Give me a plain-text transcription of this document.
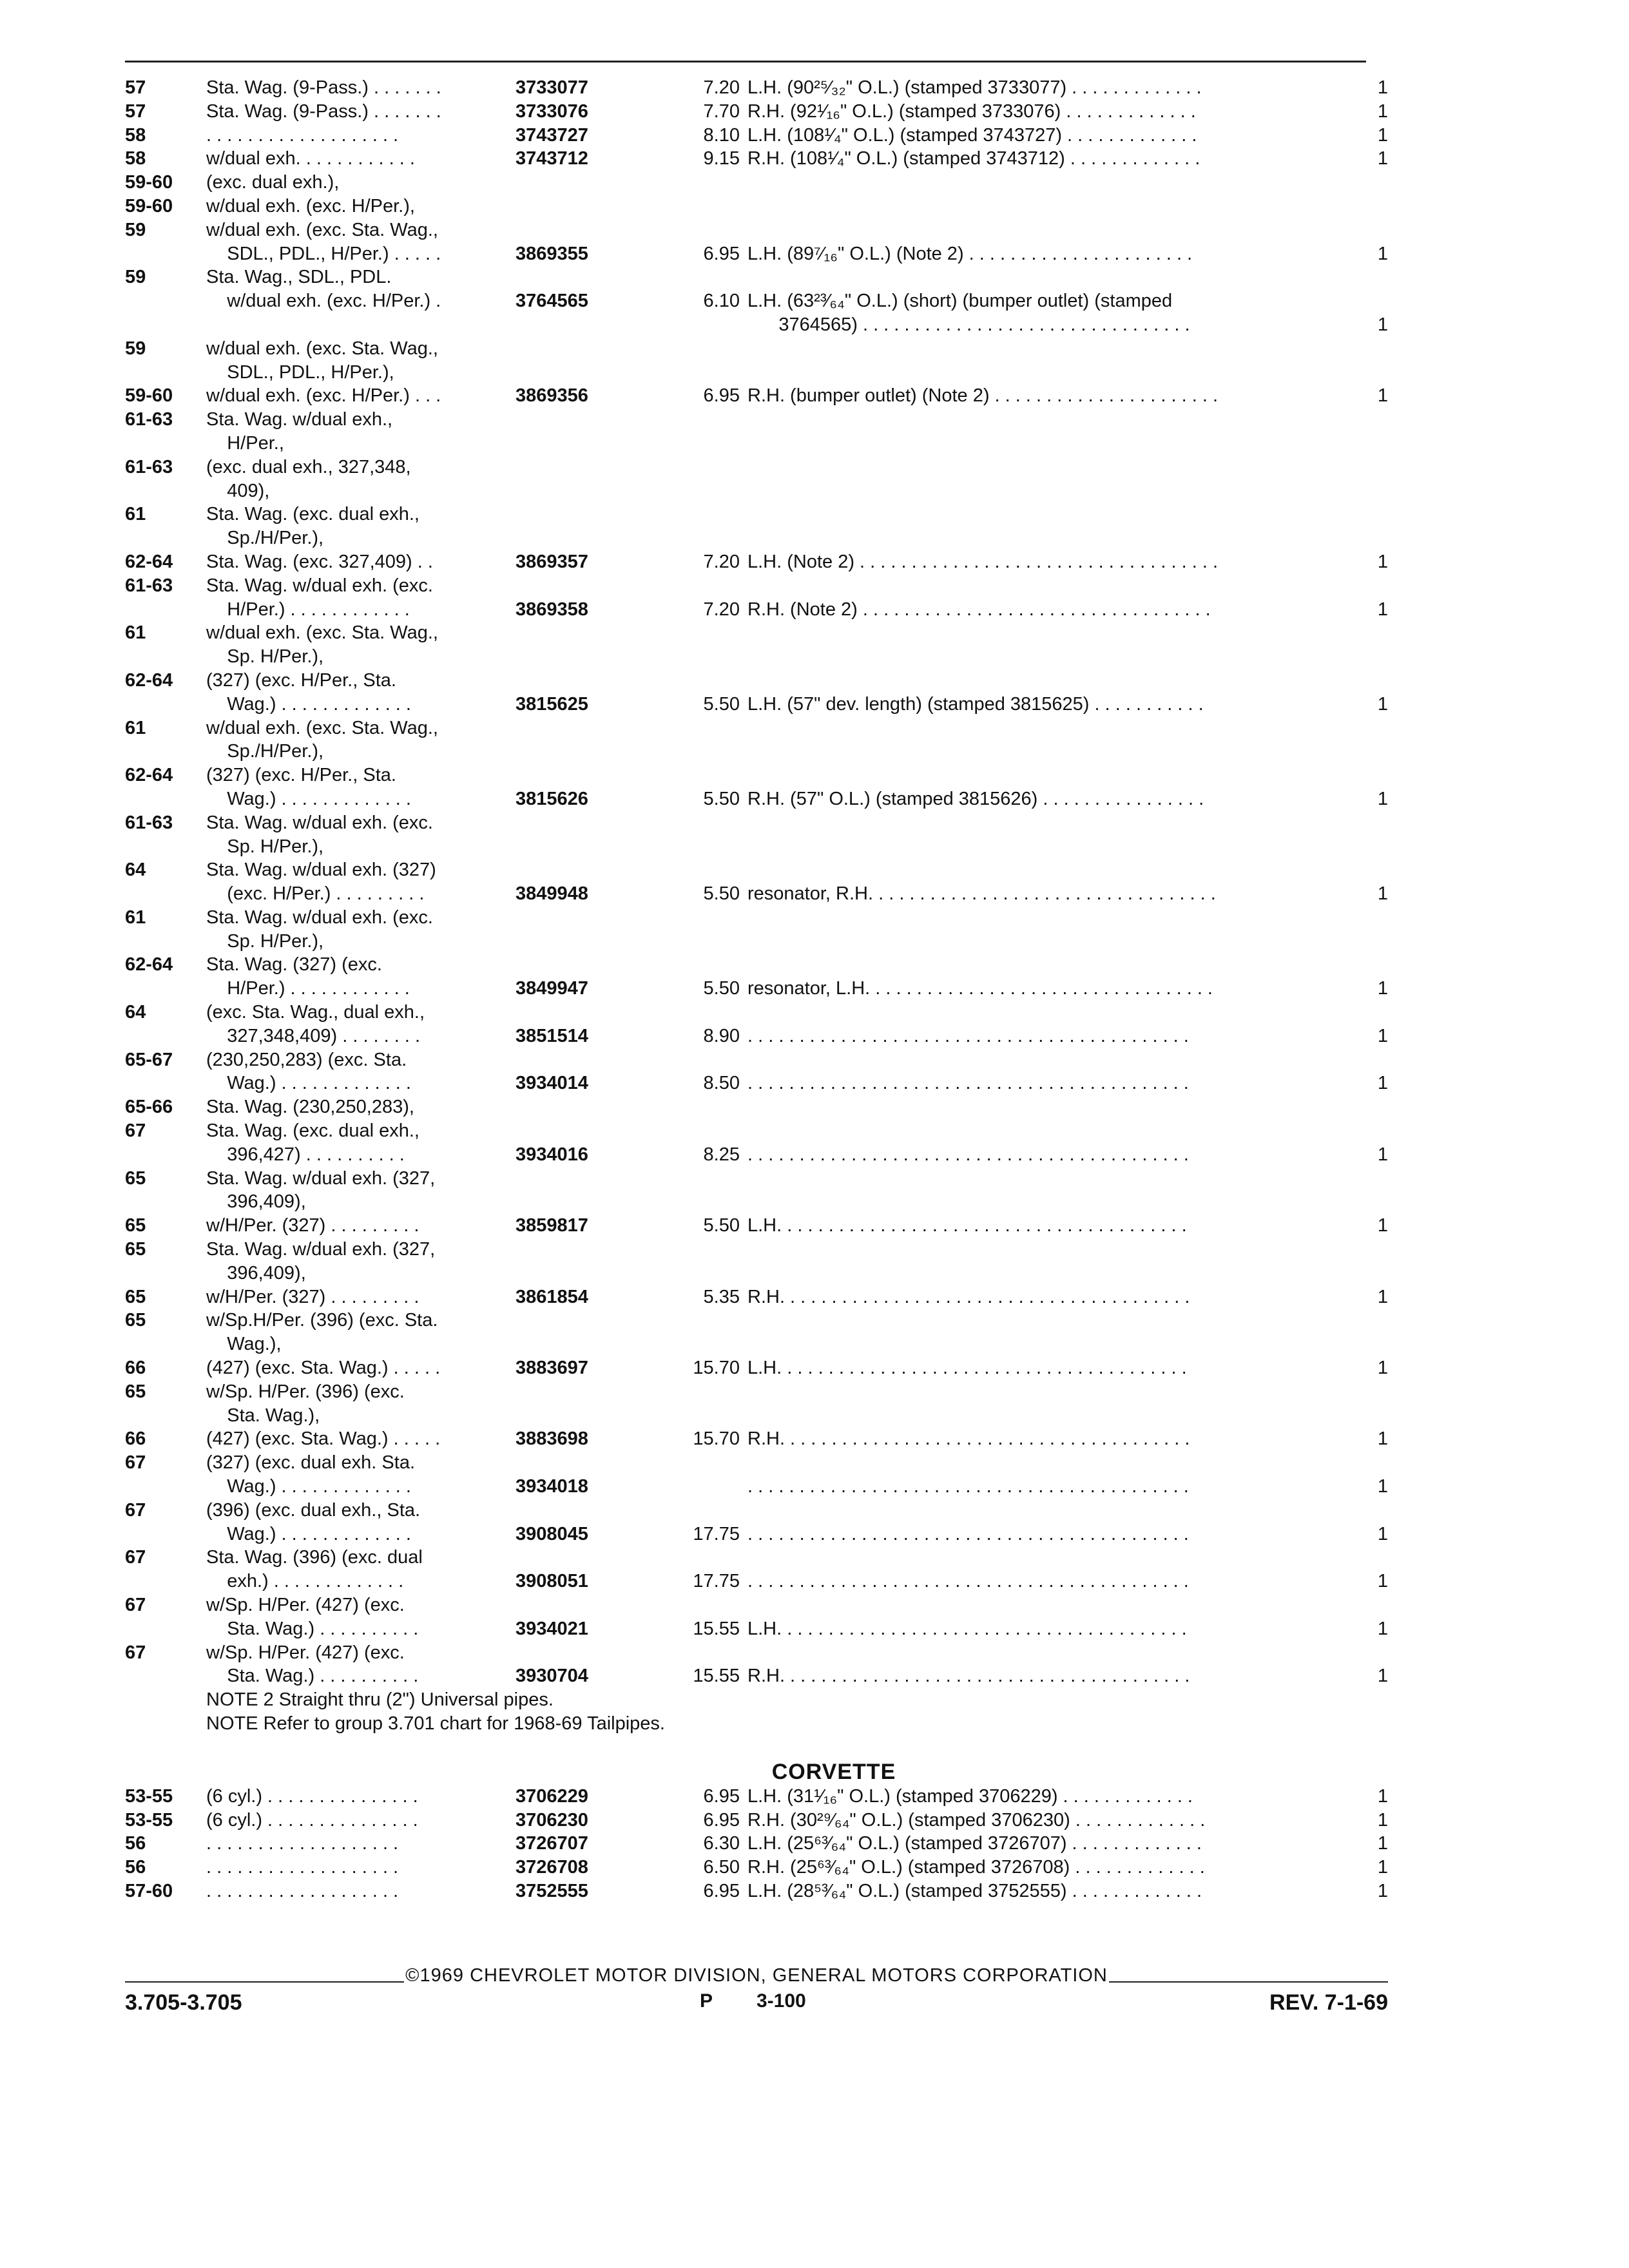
57	Sta. Wag. (9-Pass.) . . . . . . .	3733077	7.20 L.H. (90²⁵⁄₃₂" O.L.) (stamped 3733077) . . . . . . . . . . . . .	1
57	Sta. Wag. (9-Pass.) . . . . . . .	3733076	7.70 R.H. (92¹⁄₁₆" O.L.) (stamped 3733076) . . . . . . . . . . . . .	1
58	. . . . . . . . . . . . . . . . . . .	3743727	8.10 L.H. (108¹⁄₄" O.L.) (stamped 3743727) . . . . . . . . . . . . .	1
58	w/dual exh. . . . . . . . . . . .	3743712	9.15 R.H. (108¹⁄₄" O.L.) (stamped 3743712) . . . . . . . . . . . . .	1
59-60	(exc. dual exh.),
59-60	w/dual exh. (exc. H/Per.),
59	w/dual exh. (exc. Sta. Wag.,
SDL., PDL., H/Per.) . . . . .	3869355	6.95 L.H. (89⁷⁄₁₆" O.L.) (Note 2) . . . . . . . . . . . . . . . . . . . . . .	1
59	Sta. Wag., SDL., PDL.
w/dual exh. (exc. H/Per.) .	3764565	6.10 L.H. (63²³⁄₆₄" O.L.) (short) (bumper outlet) (stamped
3764565) . . . . . . . . . . . . . . . . . . . . . . . . . . . . . . . .	1
59	w/dual exh. (exc. Sta. Wag.,
SDL., PDL., H/Per.),
59-60	w/dual exh. (exc. H/Per.) . . .	3869356	6.95 R.H. (bumper outlet) (Note 2) . . . . . . . . . . . . . . . . . . . . . .	1
61-63	Sta. Wag. w/dual exh.,
H/Per.,
61-63	(exc. dual exh., 327,348,
409),
61	Sta. Wag. (exc. dual exh.,
Sp./H/Per.),
62-64	Sta. Wag. (exc. 327,409) . .	3869357	7.20 L.H. (Note 2) . . . . . . . . . . . . . . . . . . . . . . . . . . . . . . . . . . .	1
61-63	Sta. Wag. w/dual exh. (exc.
H/Per.) . . . . . . . . . . . .	3869358	7.20 R.H. (Note 2) . . . . . . . . . . . . . . . . . . . . . . . . . . . . . . . . . .	1
61	w/dual exh. (exc. Sta. Wag.,
Sp. H/Per.),
62-64	(327) (exc. H/Per., Sta.
Wag.) . . . . . . . . . . . . .	3815625	5.50 L.H. (57" dev. length) (stamped 3815625) . . . . . . . . . . .	1
61	w/dual exh. (exc. Sta. Wag.,
Sp./H/Per.),
62-64	(327) (exc. H/Per., Sta.
Wag.) . . . . . . . . . . . . .	3815626	5.50 R.H. (57" O.L.) (stamped 3815626) . . . . . . . . . . . . . . . .	1
61-63	Sta. Wag. w/dual exh. (exc.
Sp. H/Per.),
64	Sta. Wag. w/dual exh. (327)
(exc. H/Per.) . . . . . . . . .	3849948	5.50 resonator, R.H. . . . . . . . . . . . . . . . . . . . . . . . . . . . . . . . . .	1
61	Sta. Wag. w/dual exh. (exc.
Sp. H/Per.),
62-64	Sta. Wag. (327) (exc.
H/Per.) . . . . . . . . . . . .	3849947	5.50 resonator, L.H. . . . . . . . . . . . . . . . . . . . . . . . . . . . . . . . . .	1
64	(exc. Sta. Wag., dual exh.,
327,348,409) . . . . . . . .	3851514	8.90 . . . . . . . . . . . . . . . . . . . . . . . . . . . . . . . . . . . . . . . . . . .	1
65-67	(230,250,283) (exc. Sta.
Wag.) . . . . . . . . . . . . .	3934014	8.50 . . . . . . . . . . . . . . . . . . . . . . . . . . . . . . . . . . . . . . . . . . .	1
65-66	Sta. Wag. (230,250,283),
67	Sta. Wag. (exc. dual exh.,
396,427) . . . . . . . . . .	3934016	8.25 . . . . . . . . . . . . . . . . . . . . . . . . . . . . . . . . . . . . . . . . . . .	1
65	Sta. Wag. w/dual exh. (327,
396,409),
65	w/H/Per. (327) . . . . . . . . .	3859817	5.50 L.H. . . . . . . . . . . . . . . . . . . . . . . . . . . . . . . . . . . . . . . .	1
65	Sta. Wag. w/dual exh. (327,
396,409),
65	w/H/Per. (327) . . . . . . . . .	3861854	5.35 R.H. . . . . . . . . . . . . . . . . . . . . . . . . . . . . . . . . . . . . . . .	1
65	w/Sp.H/Per. (396) (exc. Sta.
Wag.),
66	(427) (exc. Sta. Wag.) . . . . .	3883697	15.70 L.H. . . . . . . . . . . . . . . . . . . . . . . . . . . . . . . . . . . . . . . .	1
65	w/Sp. H/Per. (396) (exc.
Sta. Wag.),
66	(427) (exc. Sta. Wag.) . . . . .	3883698	15.70 R.H. . . . . . . . . . . . . . . . . . . . . . . . . . . . . . . . . . . . . . . .	1
67	(327) (exc. dual exh. Sta.
Wag.) . . . . . . . . . . . . .	3934018	. . . . . . . . . . . . . . . . . . . . . . . . . . . . . . . . . . . . . . . . . . .	1
67	(396) (exc. dual exh., Sta.
Wag.) . . . . . . . . . . . . .	3908045	17.75 . . . . . . . . . . . . . . . . . . . . . . . . . . . . . . . . . . . . . . . . . . .	1
67	Sta. Wag. (396) (exc. dual
exh.) . . . . . . . . . . . . .	3908051	17.75 . . . . . . . . . . . . . . . . . . . . . . . . . . . . . . . . . . . . . . . . . . .	1
67	w/Sp. H/Per. (427) (exc.
Sta. Wag.) . . . . . . . . . .	3934021	15.55 L.H. . . . . . . . . . . . . . . . . . . . . . . . . . . . . . . . . . . . . . . .	1
67	w/Sp. H/Per. (427) (exc.
Sta. Wag.) . . . . . . . . . .	3930704	15.55 R.H. . . . . . . . . . . . . . . . . . . . . . . . . . . . . . . . . . . . . . . .	1
NOTE 2 Straight thru (2") Universal pipes.
NOTE Refer to group 3.701 chart for 1968-69 Tailpipes.
CORVETTE
53-55	(6 cyl.) . . . . . . . . . . . . . . .	3706229	6.95 L.H. (31¹⁄₁₆" O.L.) (stamped 3706229) . . . . . . . . . . . . .	1
53-55	(6 cyl.) . . . . . . . . . . . . . . .	3706230	6.95 R.H. (30²⁹⁄₆₄" O.L.) (stamped 3706230) . . . . . . . . . . . . .	1
56	. . . . . . . . . . . . . . . . . . .	3726707	6.30 L.H. (25⁶³⁄₆₄" O.L.) (stamped 3726707) . . . . . . . . . . . . .	1
56	. . . . . . . . . . . . . . . . . . .	3726708	6.50 R.H. (25⁶³⁄₆₄" O.L.) (stamped 3726708) . . . . . . . . . . . . .	1
57-60	. . . . . . . . . . . . . . . . . . .	3752555	6.95 L.H. (28⁵³⁄₆₄" O.L.) (stamped 3752555) . . . . . . . . . . . . .	1
©1969 CHEVROLET MOTOR DIVISION, GENERAL MOTORS CORPORATION
3.705-3.705	P 3-100	REV. 7-1-69
